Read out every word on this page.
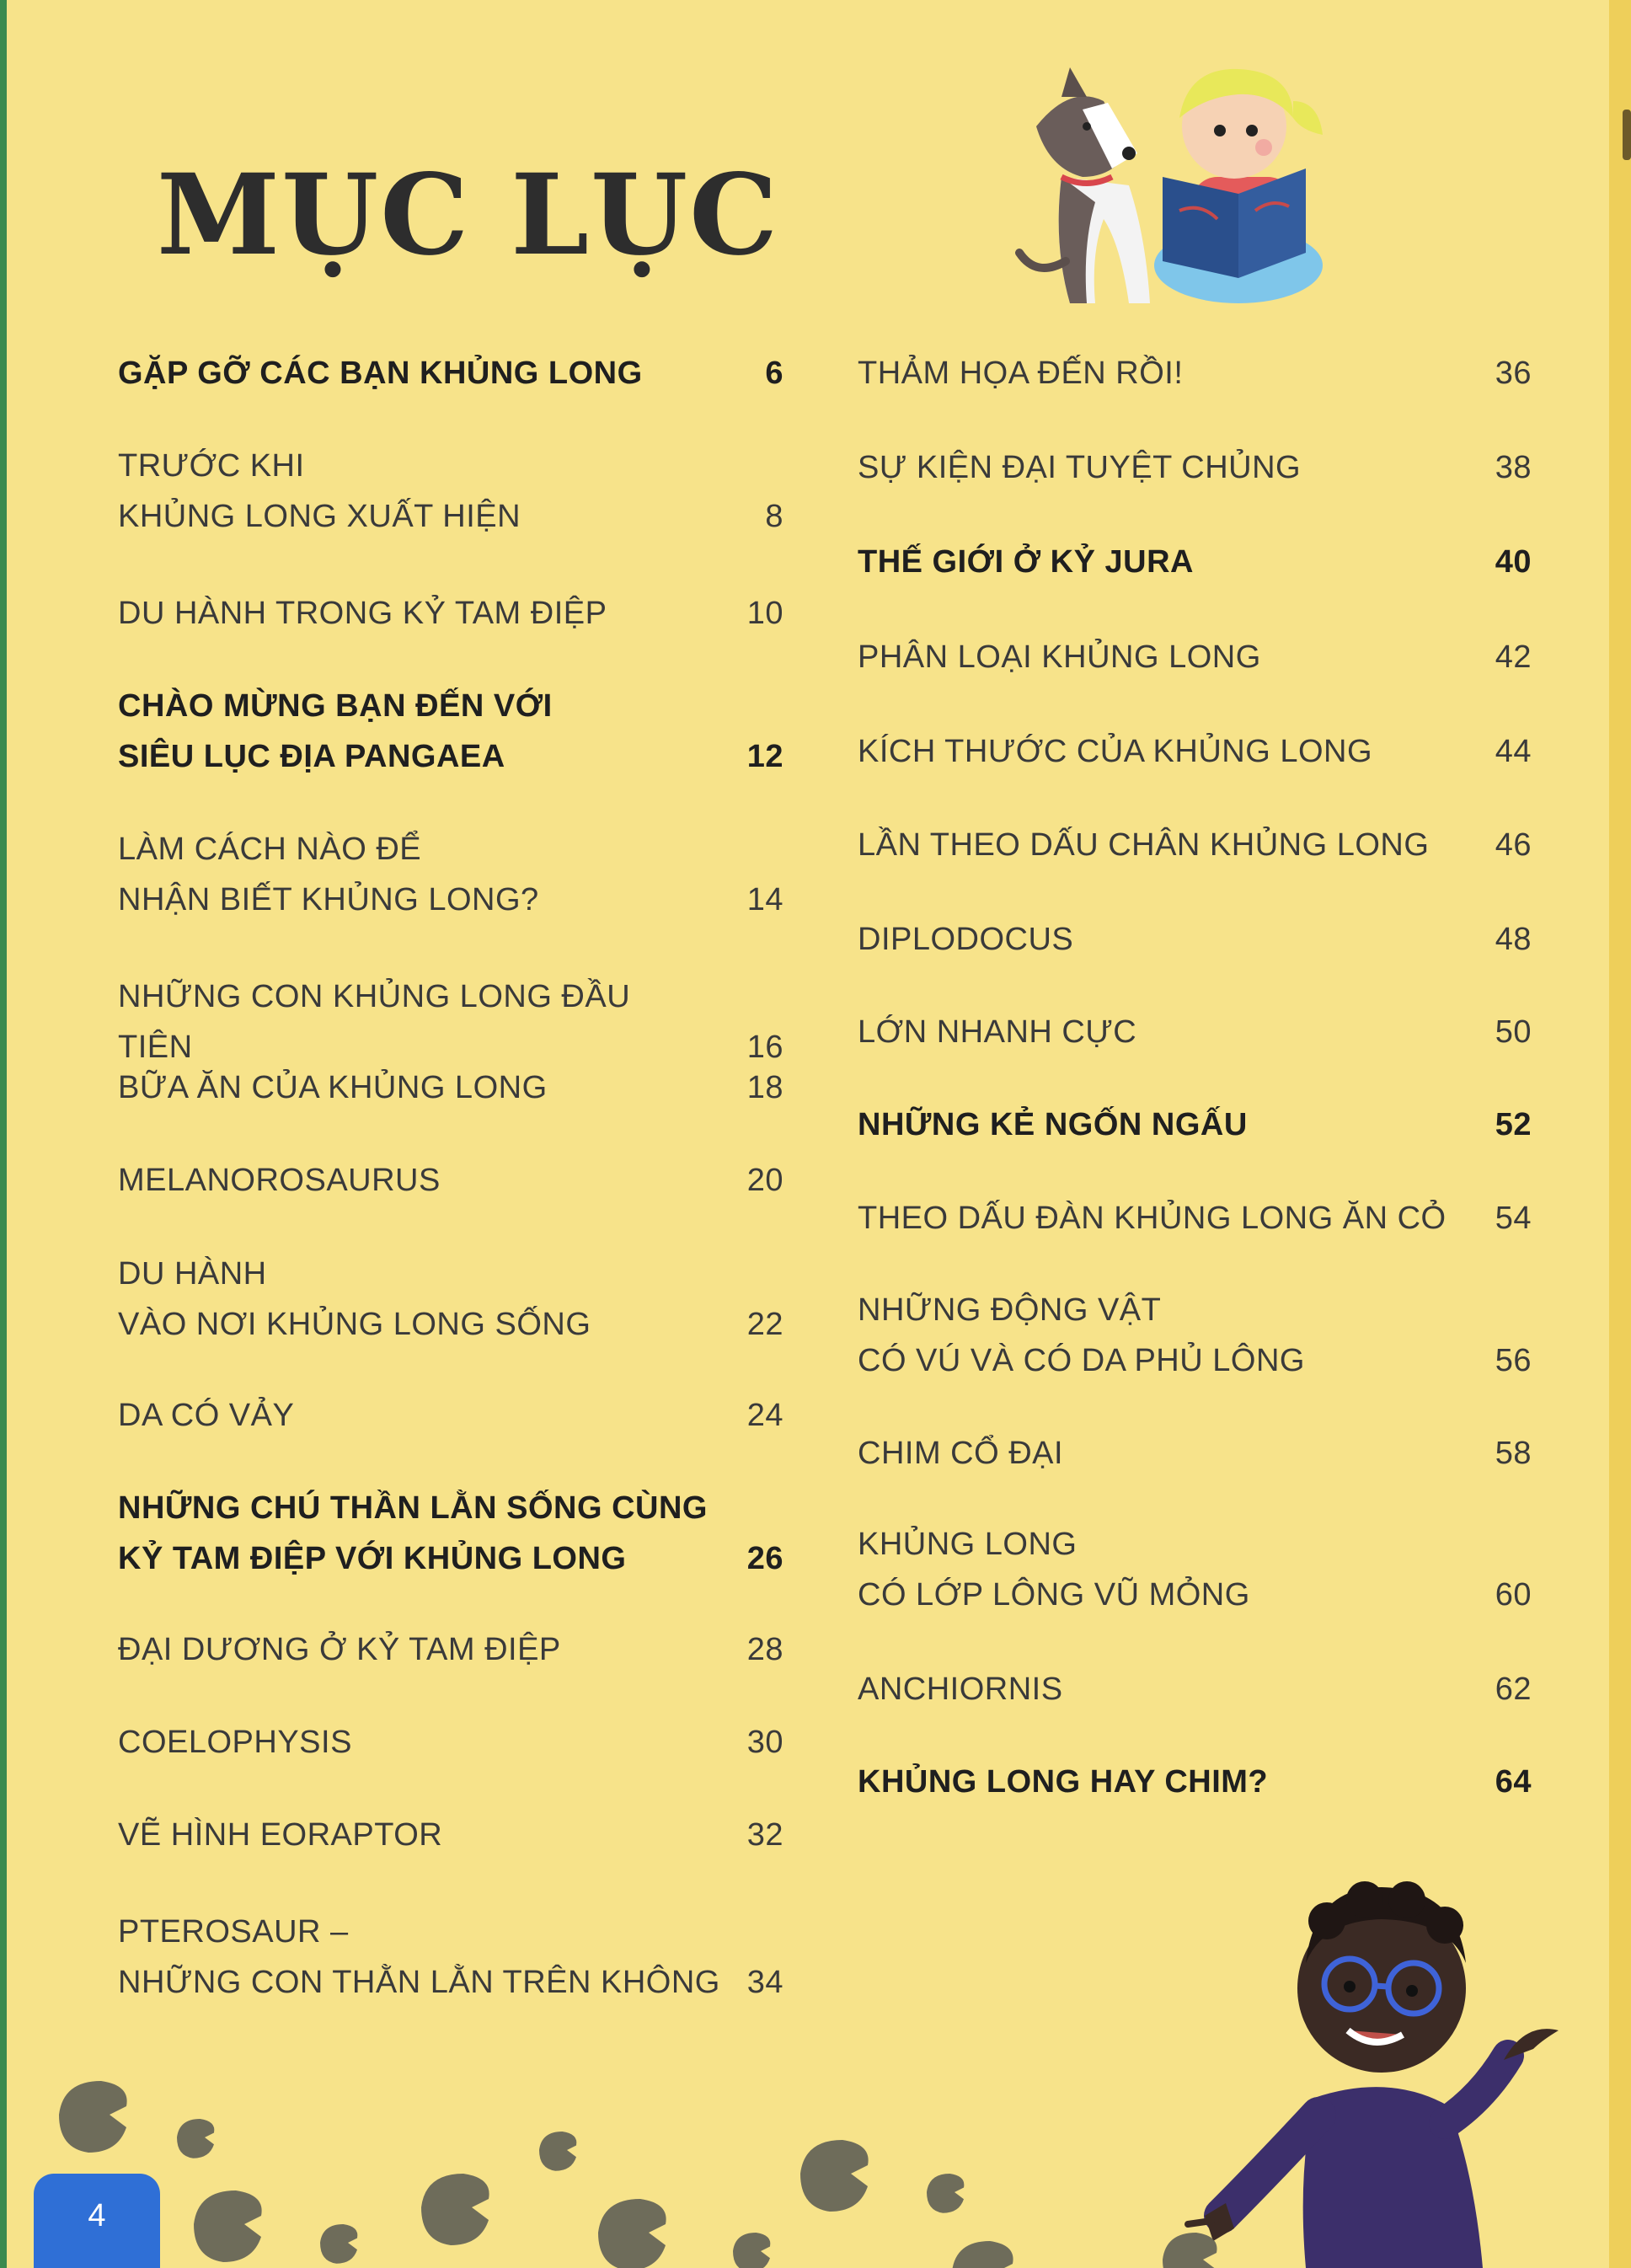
MỤC LỤC
GẶP GỠ CÁC BẠN KHỦNG LONG	6
TRƯỚC KHI
KHỦNG LONG XUẤT HIỆN	8
DU HÀNH TRONG KỶ TAM ĐIỆP	10
CHÀO MỪNG BẠN ĐẾN VỚI
SIÊU LỤC ĐỊA PANGAEA	12
LÀM CÁCH NÀO ĐỂ
NHẬN BIẾT KHỦNG LONG?	14
NHỮNG CON KHỦNG LONG ĐẦU TIÊN	16
BỮA ĂN CỦA KHỦNG LONG	18
MELANOROSAURUS	20
DU HÀNH
VÀO NƠI KHỦNG LONG SỐNG	22
DA CÓ VẢY	24
NHỮNG CHÚ THẦN LẰN SỐNG CÙNG
KỶ TAM ĐIỆP VỚI KHỦNG LONG	26
ĐẠI DƯƠNG Ở KỶ TAM ĐIỆP	28
COELOPHYSIS	30
VẼ HÌNH EORAPTOR	32
PTEROSAUR –
NHỮNG CON THẰN LẰN TRÊN KHÔNG 34
THẢM HỌA ĐẾN RỒI!	36
SỰ KIỆN ĐẠI TUYỆT CHỦNG	38
THẾ GIỚI Ở KỶ JURA	40
PHÂN LOẠI KHỦNG LONG	42
KÍCH THƯỚC CỦA KHỦNG LONG	44
LẦN THEO DẤU CHÂN KHỦNG LONG	46
DIPLODOCUS	48
LỚN NHANH CỰC	50
NHỮNG KẺ NGỐN NGẤU	52
THEO DẤU ĐÀN KHỦNG LONG ĂN CỎ	54
NHỮNG ĐỘNG VẬT
CÓ VÚ VÀ CÓ DA PHỦ LÔNG	56
CHIM CỔ ĐẠI	58
KHỦNG LONG
CÓ LỚP LÔNG VŨ MỎNG	60
ANCHIORNIS	62
KHỦNG LONG HAY CHIM?	64
4
